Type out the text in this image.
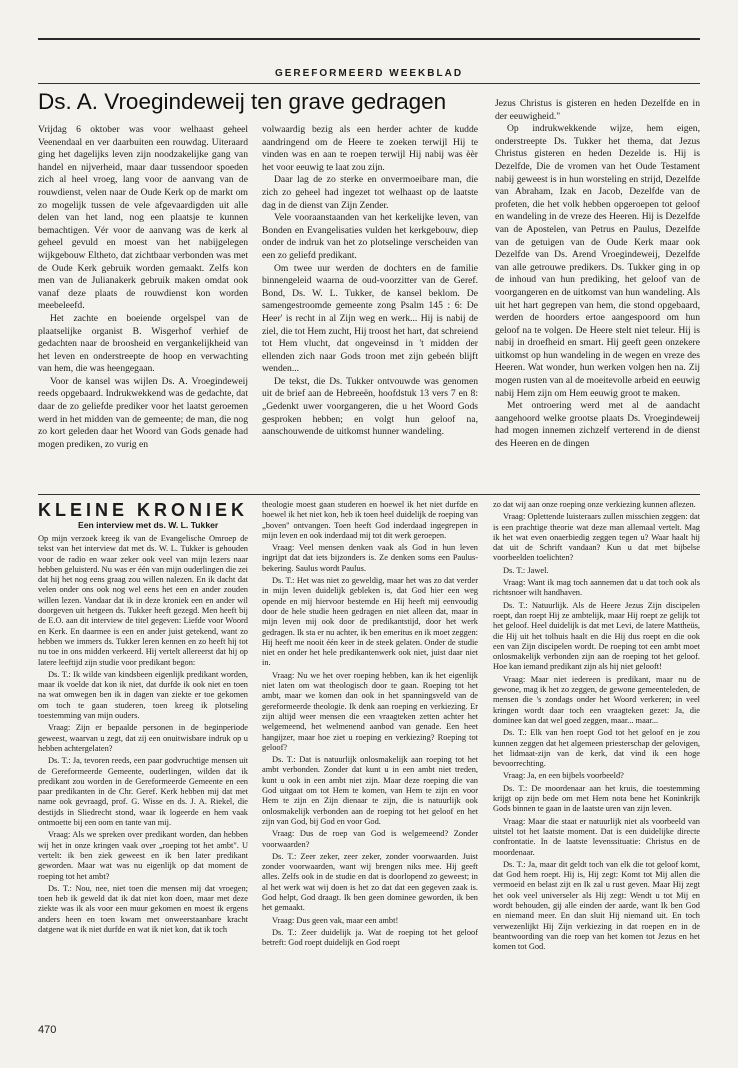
GEREFORMEERD WEEKBLAD
Ds. A. Vroegindeweij ten grave gedragen

Vrijdag 6 oktober was voor welhaast geheel Veenendaal en ver daarbuiten een rouwdag. Uiteraard ging het dagelijks leven zijn noodzakelijke gang van handel en nijverheid, maar daar tussendoor spoeden zich al heel vroeg, lang voor de aanvang van de rouwdienst, velen naar de Oude Kerk op de markt om zo mogelijk tussen de vele afgevaardigden uit alle delen van het land, nog een plaatsje te kunnen bemachtigen. Vér voor de aanvang was de kerk al geheel gevuld en moest van het nabijgelegen wijkgebouw Eltheto, dat zichtbaar verbonden was met de Oude Kerk gebruik worden gemaakt. Zelfs kon men van de Julianakerk gebruik maken omdat ook vanaf deze plaats de rouwdienst kon worden meebeleefd.

Het zachte en boeiende orgelspel van de plaatselijke organist B. Wisgerhof verhief de gedachten naar de broosheid en vergankelijkheid van het leven en onderstreepte de hoop en verwachting van hem, die was heengegaan.

Voor de kansel was wijlen Ds. A. Vroegindeweij reeds opgebaard. Indrukwekkend was de gedachte, dat daar de zo geliefde prediker voor het laatst geroemen werd in het midden van de gemeente; de man, die nog zo kort geleden daar het Woord van Gods genade had mogen prediken, zo vurig en

volwaardig bezig als een herder achter de kudde aandringend om de Heere te zoeken terwijl Hij te vinden was en aan te roepen terwijl Hij nabij was èèr het voor eeuwig te laat zou zijn.

Daar lag de zo sterke en onvermoeibare man, die zich zo geheel had ingezet tot welhaast op de laatste dag in de dienst van Zijn Zender.

Vele vooraanstaanden van het kerkelijke leven, van Bonden en Evangelisaties vulden het kerkgebouw, diep onder de indruk van het zo plotselinge verscheiden van een zo geliefd predikant.

Om twee uur werden de dochters en de familie binnengeleid waarna de oud-voorzitter van de Geref. Bond, Ds. W. L. Tukker, de kansel beklom. De samengestroomde gemeente zong Psalm 145 : 6: De Heer' is recht in al Zijn weg en werk... Hij is nabij de ziel, die tot Hem zucht, Hij troost het hart, dat schreiend tot Hem vlucht, dat ongeveinsd in 't midden der ellenden zich naar Gods troon met zijn gebeén blijft wenden...

De tekst, die Ds. Tukker ontvouwde was genomen uit de brief aan de Hebreeën, hoofdstuk 13 vers 7 en 8: „Gedenkt uwer voorgangeren, die u het Woord Gods gesproken hebben; en volgt hun geloof na, aanschouwende de uitkomst hunner wandeling.

Jezus Christus is gisteren en heden Dezelfde en in der eeuwigheid."

Op indrukwekkende wijze, hem eigen, onderstreepte Ds. Tukker het thema, dat Jezus Christus gisteren en heden Dezelde is. Hij is Dezelfde, Die de vromen van het Oude Testament nabij geweest is in hun worsteling en strijd, Dezelfde van Abraham, Izak en Jacob, Dezelfde van de profeten, die het volk hebben opgeroepen tot geloof en wandeling in de vreze des Heeren. Hij is Dezelfde van de Apostelen, van Petrus en Paulus, Dezelfde van de getuigen van de Oude Kerk maar ook Dezelfde van Ds. Arend Vroegindeweij, Dezelfde van alle getrouwe predikers. Ds. Tukker ging in op de inhoud van hun prediking, het geloof van de voorgangeren en de uitkomst van hun wandeling. Als uit het hart gegrepen van hem, die stond opgebaard, werden de hoorders ertoe aangespoord om hun geloof na te volgen. De Heere stelt niet teleur. Hij is nabij in droefheid en smart. Hij geeft geen onzekere uitkomst op hun wandeling in de wegen en vreze des Heeren. Wat wonder, hun werken volgen hen na. Zij mogen rusten van al de moeitevolle arbeid en eeuwig nabij Hem zijn om Hem eeuwig groot te maken.

Met ontroering werd met al de aandacht aangehoord welke grootse plaats Ds. Vroegindeweij had mogen innemen zichzelf verterend in de dienst des Heeren en de dingen

KLEINE KRONIEK
Een interview met ds. W. L. Tukker

Op mijn verzoek kreeg ik van de Evangelische Omroep de tekst van het interview dat met ds. W. L. Tukker is gehouden voor de radio en waar zeker ook veel van mijn lezers naar hebben geluisterd. Nu was er één van mijn ouderlingen die zei dat hij het nog eens graag zou willen nalezen. En ik dacht dat velen onder ons ook nog wel eens het een en ander zouden willen lezen. Vandaar dat ik in deze kroniek een en ander wil doorgeven uit hetgeen ds. Tukker heeft gezegd. Men heeft bij de E.O. aan dit interview de titel gegeven: Liefde voor Woord en Kerk. En daarmee is een en ander juist getekend, want zo hebben we immers ds. Tukker leren kennen en zo heeft hij tot nu toe in ons midden verkeerd. Hij vertelt allereerst dat hij op latere leeftijd zijn studie voor predikant begon:

Ds. T.: Ik wilde van kindsbeen eigenlijk predikant worden, maar ik voelde dat kon ik niet, dat durfde ik ook niet en toen na wat omwegen ben ik in dagen van ziekte er toe gekomen om toch te gaan studeren, toen kreeg ik plotseling toestemming van mijn ouders.

Vraag: Zijn er bepaalde personen in de beginperiode geweest, waarvan u zegt, dat zij een onuitwisbare indruk op u hebben achtergelaten?

Ds. T.: Ja, tevoren reeds, een paar godvruchtige mensen uit de Gereformeerde Gemeente, ouderlingen, wilden dat ik predikant zou worden in de Gereformeerde Gemeente en een paar predikanten in de Chr. Geref. Kerk hebben mij dat met name ook gevraagd, prof. G. Wisse en ds. J. A. Riekel, die destijds in Sliedrecht stond, waar ik logeerde en hem vaak ontmoette bij een oom en tante van mij.

Vraag: Als we spreken over predikant worden, dan hebben wij het in onze kringen vaak over „roeping tot het ambt". U vertelt: ik ben ziek geweest en ik ben later predikant geworden. Maar wat was nu eigenlijk op dat moment de roeping tot het ambt?

Ds. T.: Nou, nee, niet toen die mensen mij dat vroegen; toen heb ik geweld dat ik dat niet kon doen, maar met deze ziekte was ik als voor een muur gekomen en moest ik ergens anders heen en toen kwam met onweerstaanbare kracht datgene wat ik niet durfde en wat ik niet kon, dat ik toch

theologie moest gaan studeren en hoewel ik het niet durfde en hoewel ik het niet kon, heb ik toen heel duidelijk de roeping van „boven" ontvangen. Toen heeft God inderdaad ingegrepen in mijn leven en ook inderdaad mij tot dit werk geroepen.

Vraag: Veel mensen denken vaak als God in hun leven ingrijpt dat dat iets bijzonders is. Ze denken soms een Paulus-bekering. Saulus wordt Paulus.

Ds. T.: Het was niet zo geweldig, maar het was zo dat verder in mijn leven duidelijk gebleken is, dat God hier een weg opende en mij hiervoor bestemde en Hij heeft mij eenvoudig door de hele studie heen gedragen en niet alleen dat, maar in mijn leven mij ook door de predikantstijd, door het werk gedragen. Ik sta er nu achter, ik ben emeritus en ik moet zeggen: Hij heeft me nooit één keer in de steek gelaten. Onder de studie niet en onder het hele predikantenwerk ook niet, juist daar niet in.

Vraag: Nu we het over roeping hebben, kan ik het eigenlijk niet laten om wat theologisch door te gaan. Roeping tot het ambt, maar we komen dan ook in het spanningsveld van de gereformeerde theologie. Ik denk aan roeping en verkiezing. Er zijn altijd weer mensen die een vraagteken zetten achter het welgemeend, het welmenend aanbod van genade. Een heet hangijzer, maar hoe ziet u roeping en verkiezing? Roeping tot geloof?

Ds. T.: Dat is natuurlijk onlosmakelijk aan roeping tot het ambt verbonden. Zonder dat kunt u in een ambt niet treden, kunt u ook in een ambt niet zijn. Maar deze roeping die van God uitgaat om tot Hem te komen, van Hem te zijn en voor Hem te zijn en Zijn dienaar te zijn, die is natuurlijk ook onlosmakelijk verbonden aan de roeping tot het geloof en het zijn van God, bij God en voor God.

Vraag: Dus de roep van God is welgemeend? Zonder voorwaarden?

Ds. T.: Zeer zeker, zeer zeker, zonder voorwaarden. Juist zonder voorwaarden, want wij brengen niks mee. Hij geeft alles. Zelfs ook in de studie en dat is doorlopend zo geweest; in al het werk wat wij doen is het zo dat dat een gegeven zaak is. God helpt, God draagt. Ik ben geen dominee geworden, ik ben het gemaakt.

Vraag: Dus geen vak, maar een ambt!

Ds. T.: Zeer duidelijk ja. Wat de roeping tot het geloof betreft: God roept duidelijk en God roept

zo dat wij aan onze roeping onze verkiezing kunnen aflezen.

Vraag: Oplettende luisteraars zullen misschien zeggen: dat is een prachtige theorie wat deze man allemaal vertelt. Mag ik het wat even onaerbiedig zeggen tegen u? Waar haalt hij dat uit de Schrift vandaan? Kun u dat met bijbelse voorbeelden toelichten?

Ds. T.: Jawel.

Vraag: Want ik mag toch aannemen dat u dat toch ook als richtsnoer wilt handhaven.

Ds. T.: Natuurlijk. Als de Heere Jezus Zijn discipelen roept, dan roept Hij ze ambtelijk, maar Hij roept ze gelijk tot het geloof. Heel duidelijk is dat met Levi, de latere Mattheüs, die Hij uit het tolhuis haalt en die Hij dus roept en die ook een van Zijn discipelen wordt. De roeping tot een ambt moet onlosmakelijk verbonden zijn aan de roeping tot het geloof. Hoe kan iemand predikant zijn als hij niet gelooft!

Vraag: Maar niet iedereen is predikant, maar nu de gewone, mag ik het zo zeggen, de gewone gemeenteleden, de mensen die 's zondags onder het Woord verkeren; in veel kringen wordt daar toch een vraagteken gezet: Ja, die dominee kan dat wel goed zeggen, maar... maar...

Ds. T.: Elk van hen roept God tot het geloof en je zou kunnen zeggen dat het algemeen priesterschap der gelovigen, het lidmaat-zijn van de kerk, dat vind ik een hoge bevoorrechting.

Vraag: Ja, en een bijbels voorbeeld?

Ds. T.: De moordenaar aan het kruis, die toestemming krijgt op zijn bede om met Hem nota bene het Koninkrijk Gods binnen te gaan in de laatste uren van zijn leven.

Vraag: Maar die staat er natuurlijk niet als voorbeeld van uitstel tot het laatste moment. Dat is een duidelijke directe confrontatie. In de laatste levenssituatie: Christus en de moordenaar.

Ds. T.: Ja, maar dit geldt toch van elk die tot geloof komt, dat God hem roept. Hij is, Hij zegt: Komt tot Mij allen die vermoeid en belast zijt en Ik zal u rust geven. Maar Hij zegt het ook veel universeler als Hij zegt: Wendt u tot Mij en wordt behouden, gij alle einden der aarde, want Ik ben God en niemand meer. En dan sluit Hij niemand uit. En toch verwezenlijkt Hij Zijn verkiezing in dat roepen en in de beantwoording van die roep van het komen tot Jezus en het komen tot God.

470
